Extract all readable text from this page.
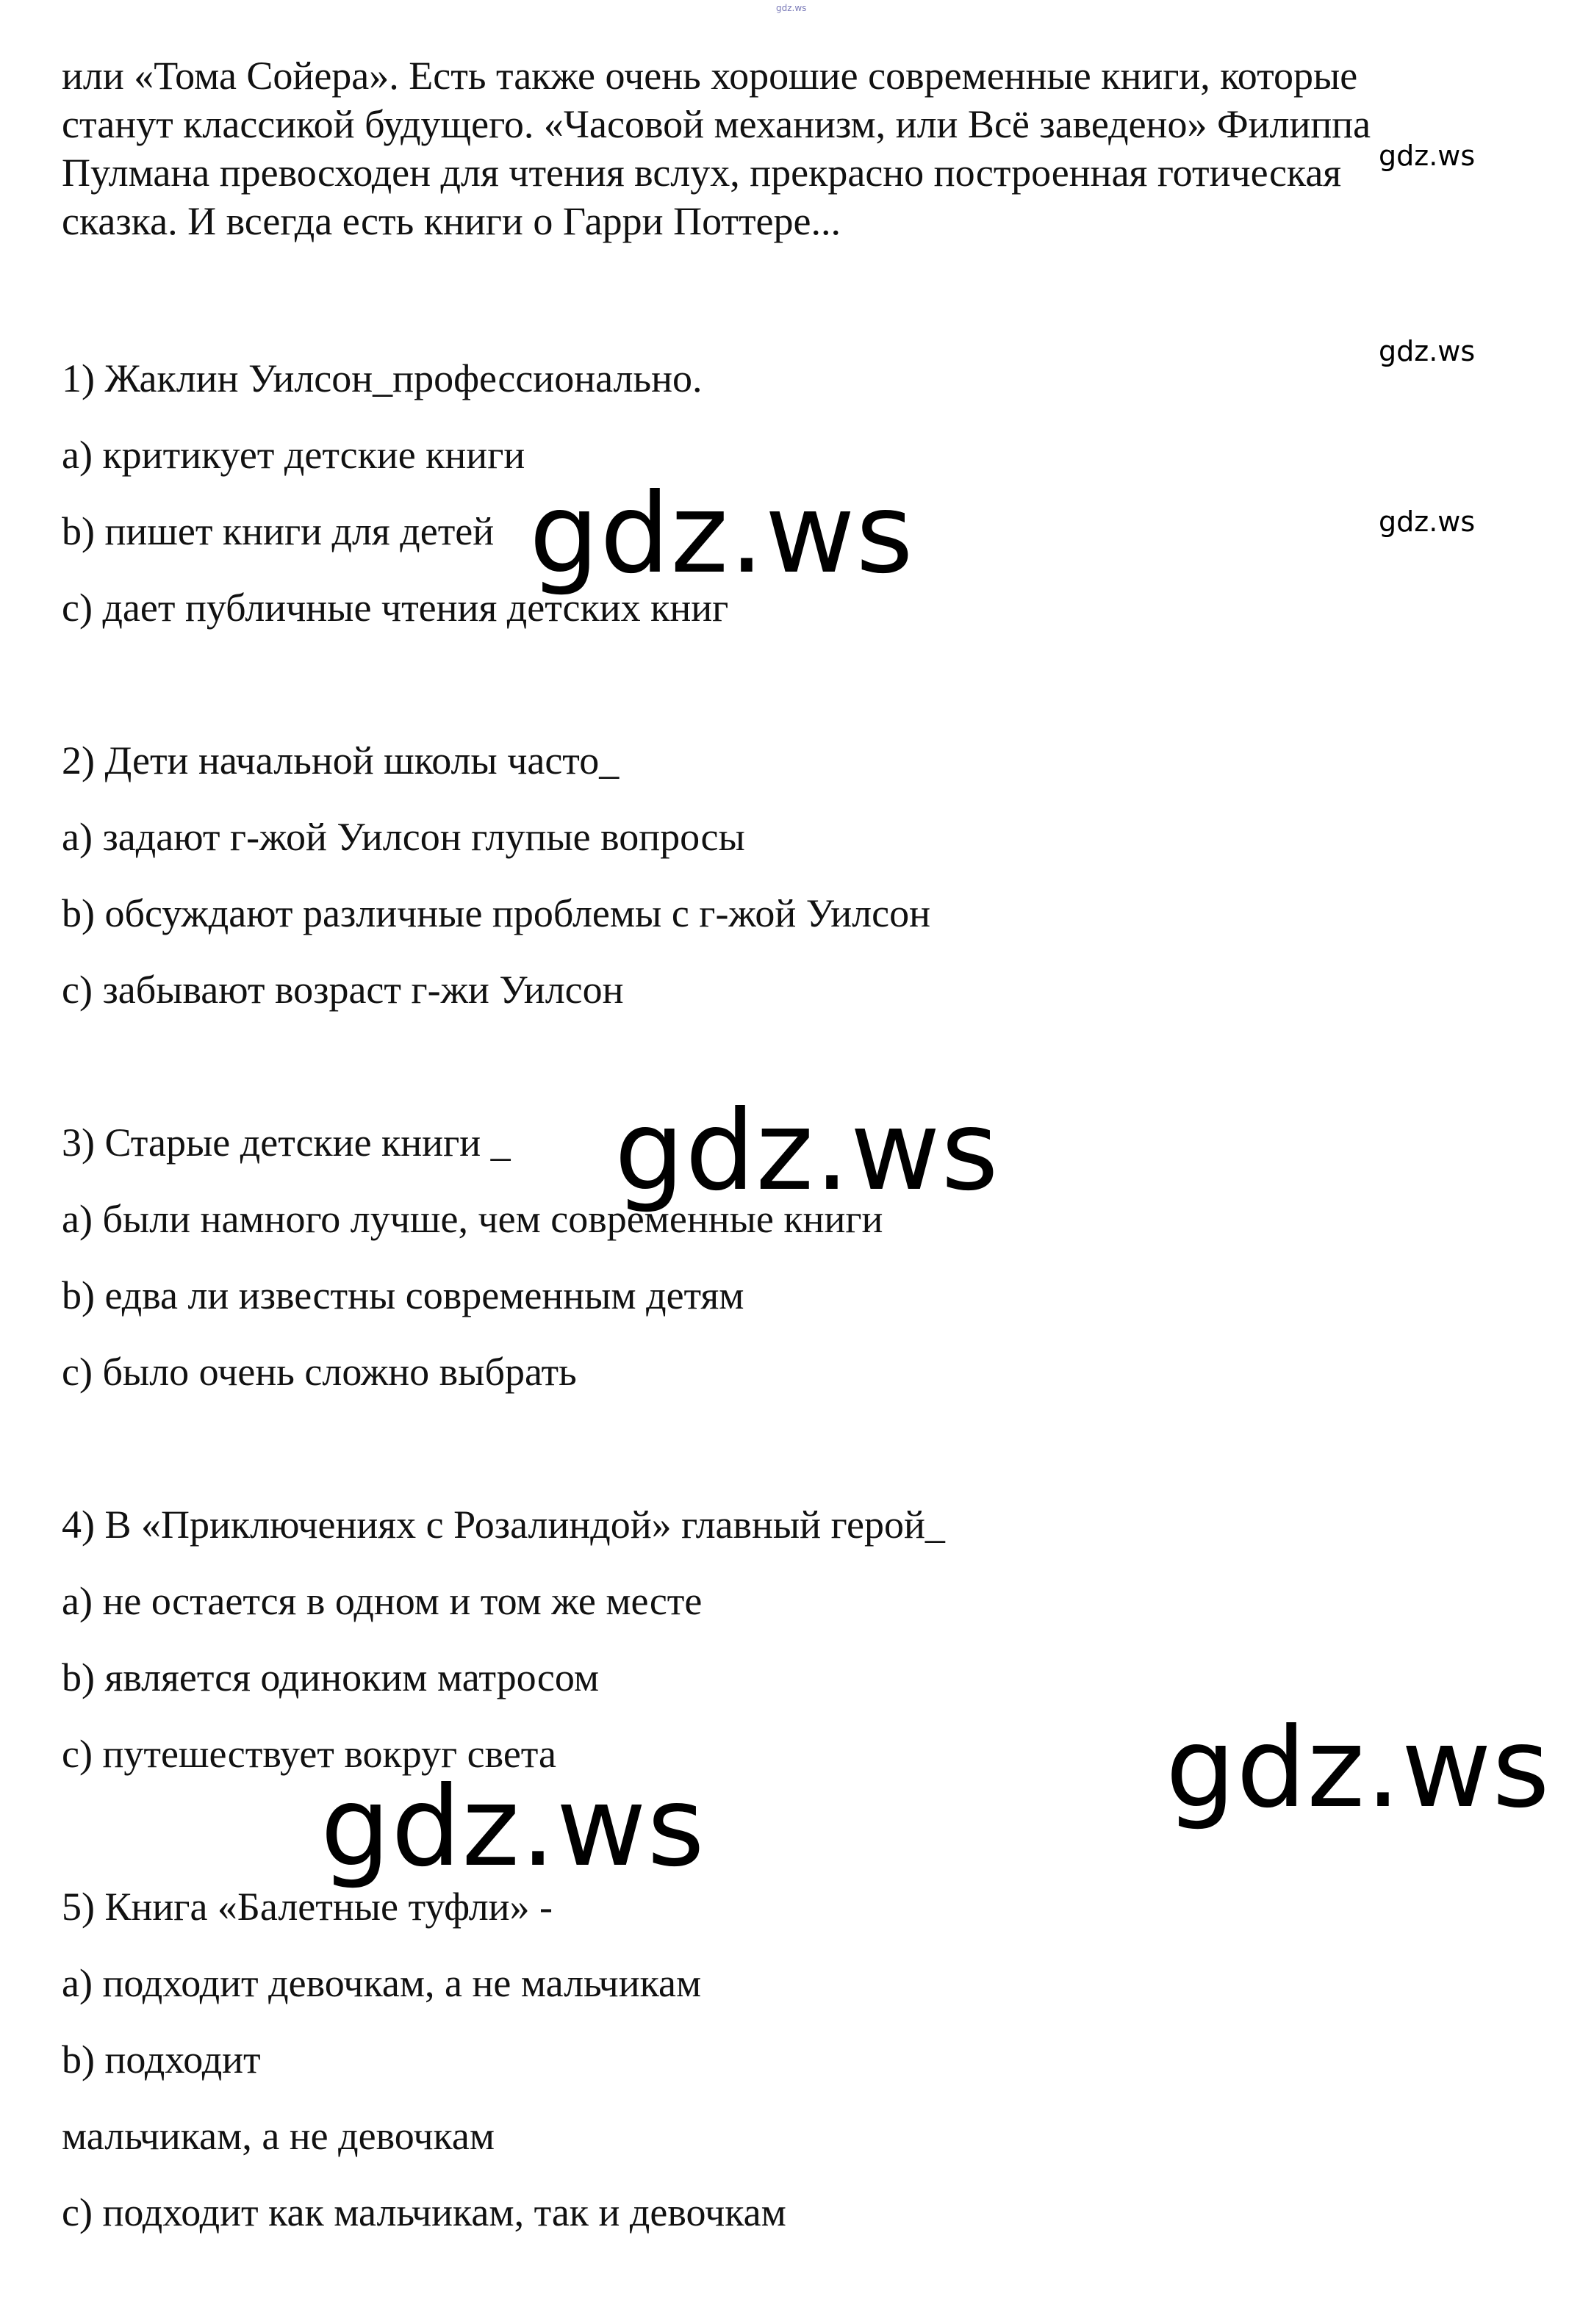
gdz.ws
или «Тома Сойера». Есть также очень хорошие современные книги, которые
станут классикой будущего. «Часовой механизм, или Всё заведено» Филиппа
Пулмана превосходен для чтения вслух, прекрасно построенная готическая
сказка. И всегда есть книги о Гарри Поттере...
1) Жаклин Уилсон_профессионально.
a) критикует детские книги
b) пишет книги для детей
c) дает публичные чтения детских книг
2) Дети начальной школы часто_
a) задают г-жой Уилсон глупые вопросы
b) обсуждают различные проблемы с г-жой Уилсон
c) забывают возраст г-жи Уилсон
3) Старые детские книги _
a) были намного лучше, чем современные книги
b) едва ли известны современным детям
c) было очень сложно выбрать
4) В «Приключениях с Розалиндой» главный герой_
a) не остается в одном и том же месте
b) является одиноким матросом
c) путешествует вокруг света
5) Книга «Балетные туфли» -
a) подходит девочкам, а не мальчикам
b) подходит
мальчикам, а не девочкам
c) подходит как мальчикам, так и девочкам
gdz.ws
gdz.ws
gdz.ws
gdz.ws
gdz.ws
gdz.ws
gdz.ws
